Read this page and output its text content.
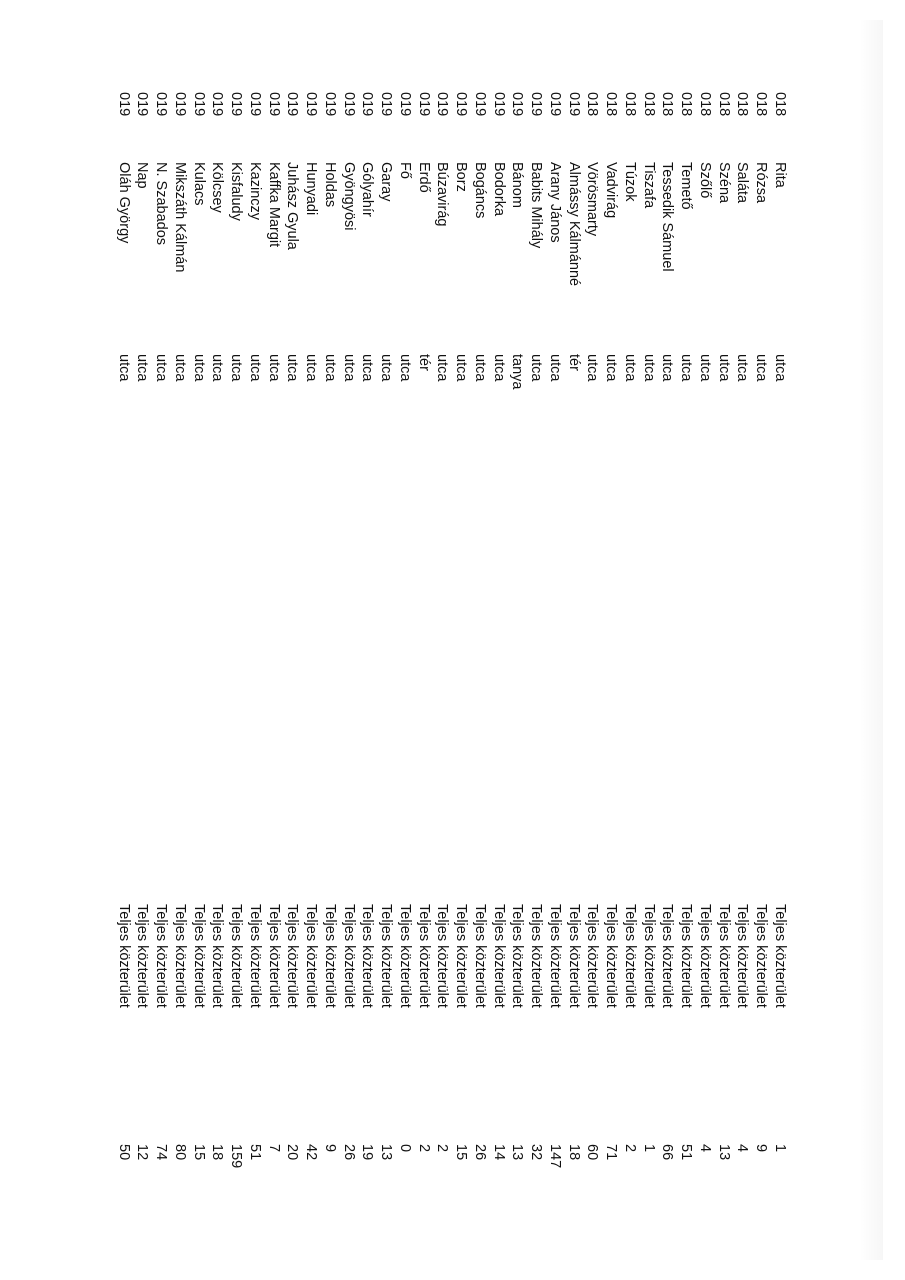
018
Rita
utca
Teljes közterület
1
018
Rózsa
utca
Teljes közterület
9
018
Saláta
utca
Teljes közterület
4
018
Széna
utca
Teljes közterület
13
018
Szőlő
utca
Teljes közterület
4
018
Temető
utca
Teljes közterület
51
018
Tessedik Sámuel
utca
Teljes közterület
66
018
Tiszafa
utca
Teljes közterület
1
018
Túzok
utca
Teljes közterület
2
018
Vadvirág
utca
Teljes közterület
71
018
Vörösmarty
utca
Teljes közterület
60
019
Almássy Kálmánné
tér
Teljes közterület
18
019
Arany János
utca
Teljes közterület
147
019
Babits Mihály
utca
Teljes közterület
32
019
Bánom
tanya
Teljes közterület
13
019
Bodorka
utca
Teljes közterület
14
019
Bogáncs
utca
Teljes közterület
26
019
Borz
utca
Teljes közterület
15
019
Búzavirág
utca
Teljes közterület
2
019
Erdő
tér
Teljes közterület
2
019
Fő
utca
Teljes közterület
0
019
Garay
utca
Teljes közterület
13
019
Gólyahír
utca
Teljes közterület
19
019
Gyöngyösi
utca
Teljes közterület
26
019
Holdas
utca
Teljes közterület
9
019
Hunyadi
utca
Teljes közterület
42
019
Juhász Gyula
utca
Teljes közterület
20
019
Kaffka Margit
utca
Teljes közterület
7
019
Kazinczy
utca
Teljes közterület
51
019
Kisfaludy
utca
Teljes közterület
159
019
Kölcsey
utca
Teljes közterület
18
019
Kulacs
utca
Teljes közterület
15
019
Mikszáth Kálmán
utca
Teljes közterület
80
019
N. Szabados
utca
Teljes közterület
74
019
Nap
utca
Teljes közterület
12
019
Oláh György
utca
Teljes közterület
50
